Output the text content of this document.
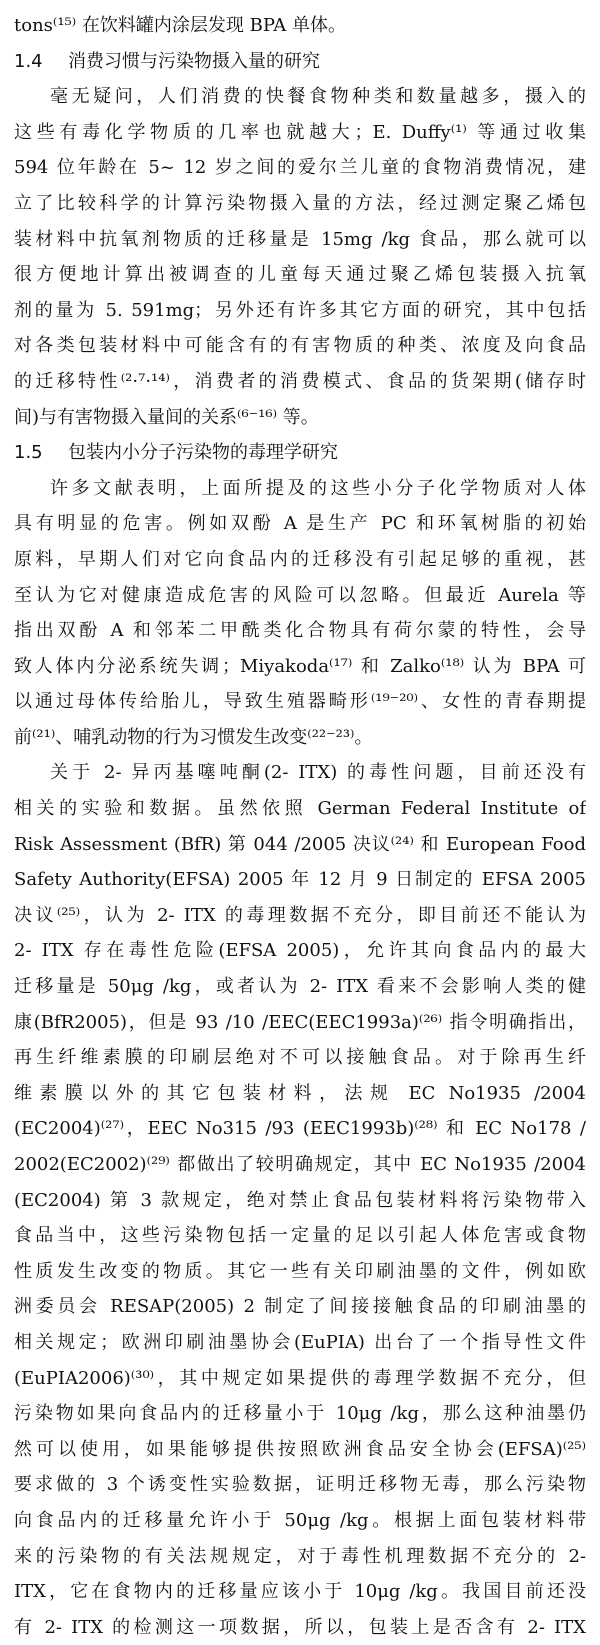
tons⁽¹⁵⁾ 在饮料罐内涂层发现 BPA 单体。
1.4 消费习惯与污染物摄入量的研究
毫无疑问，人们消费的快餐食物种类和数量越多，摄入的
这些有毒化学物质的几率也就越大；E. Duffy⁽¹⁾ 等通过收集
594 位年龄在 5~ 12 岁之间的爱尔兰儿童的食物消费情况，建
立了比较科学的计算污染物摄入量的方法，经过测定聚乙烯包
装材料中抗氧剂物质的迁移量是 15mg /kg 食品，那么就可以
很方便地计算出被调查的儿童每天通过聚乙烯包装摄入抗氧
剂的量为 5. 591mg；另外还有许多其它方面的研究，其中包括
对各类包装材料中可能含有的有害物质的种类、浓度及向食品
的迁移特性⁽²·⁷·¹⁴⁾，消费者的消费模式、食品的货架期(储存时
间)与有害物摄入量间的关系⁽⁶⁻¹⁶⁾ 等。
1.5 包装内小分子污染物的毒理学研究
许多文献表明，上面所提及的这些小分子化学物质对人体
具有明显的危害。例如双酚 A 是生产 PC 和环氧树脂的初始
原料，早期人们对它向食品内的迁移没有引起足够的重视，甚
至认为它对健康造成危害的风险可以忽略。但最近 Aurela 等
指出双酚 A 和邻苯二甲酰类化合物具有荷尔蒙的特性，会导
致人体内分泌系统失调；Miyakoda⁽¹⁷⁾ 和 Zalko⁽¹⁸⁾ 认为 BPA 可
以通过母体传给胎儿，导致生殖器畸形⁽¹⁹⁻²⁰⁾、女性的青春期提
前⁽²¹⁾、哺乳动物的行为习惯发生改变⁽²²⁻²³⁾。
关于 2- 异丙基噻吨酮(2- ITX) 的毒性问题，目前还没有
相关的实验和数据。虽然依照 German Federal Institute of
Risk Assessment (BfR) 第 044 /2005 决议⁽²⁴⁾ 和 European Food
Safety Authority(EFSA) 2005 年 12 月 9 日制定的 EFSA 2005
决议⁽²⁵⁾，认为 2- ITX 的毒理数据不充分，即目前还不能认为
2- ITX 存在毒性危险(EFSA 2005)，允许其向食品内的最大
迁移量是 50μg /kg，或者认为 2- ITX 看来不会影响人类的健
康(BfR2005)，但是 93 /10 /EEC(EEC1993a)⁽²⁶⁾ 指令明确指出，
再生纤维素膜的印刷层绝对不可以接触食品。对于除再生纤
维素膜以外的其它包装材料，法规 EC No1935 /2004
(EC2004)⁽²⁷⁾，EEC No315 /93 (EEC1993b)⁽²⁸⁾ 和 EC No178 /
2002(EC2002)⁽²⁹⁾ 都做出了较明确规定，其中 EC No1935 /2004
(EC2004) 第 3 款规定，绝对禁止食品包装材料将污染物带入
食品当中，这些污染物包括一定量的足以引起人体危害或食物
性质发生改变的物质。其它一些有关印刷油墨的文件，例如欧
洲委员会 RESAP(2005) 2 制定了间接接触食品的印刷油墨的
相关规定；欧洲印刷油墨协会(EuPIA) 出台了一个指导性文件
(EuPIA2006)⁽³⁰⁾，其中规定如果提供的毒理学数据不充分，但
污染物如果向食品内的迁移量小于 10μg /kg，那么这种油墨仍
然可以使用，如果能够提供按照欧洲食品安全协会(EFSA)⁽²⁵⁾
要求做的 3 个诱变性实验数据，证明迁移物无毒，那么污染物
向食品内的迁移量允许小于 50μg /kg。根据上面包装材料带
来的污染物的有关法规规定，对于毒性机理数据不充分的 2-
ITX，它在食物内的迁移量应该小于 10μg /kg。我国目前还没
有 2- ITX 的检测这一项数据，所以，包装上是否含有 2- ITX
